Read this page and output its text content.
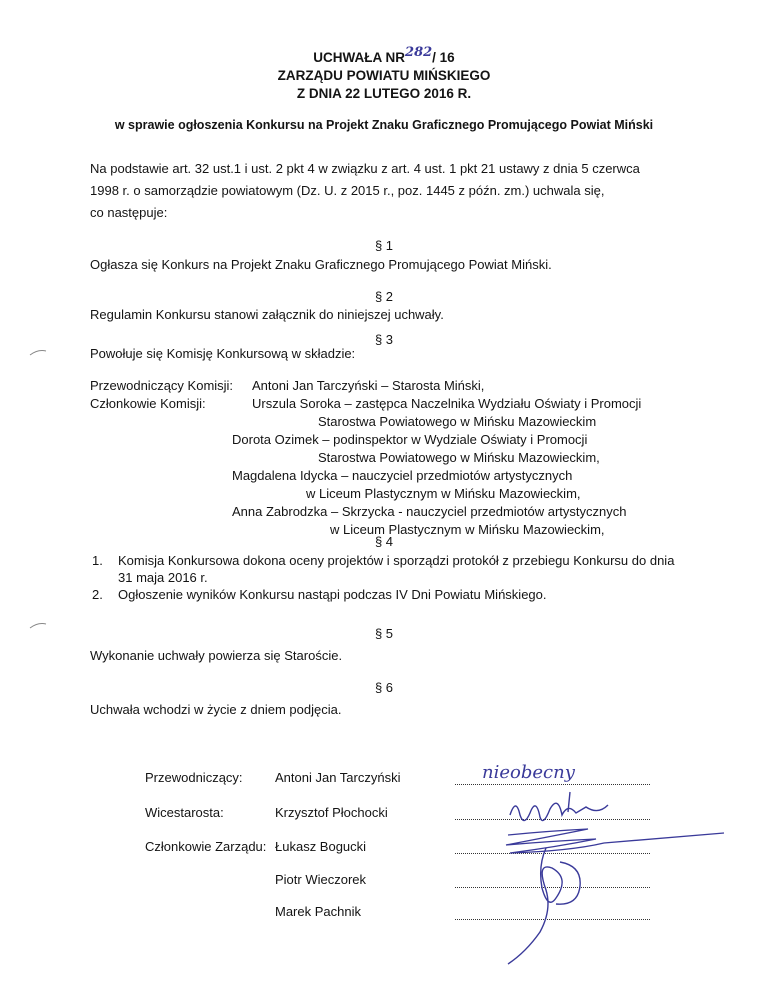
UCHWAŁA NR282/ 16
ZARZĄDU POWIATU MIŃSKIEGO
Z DNIA 22 LUTEGO 2016 R.
w sprawie ogłoszenia Konkursu na Projekt Znaku Graficznego Promującego Powiat Miński
Na podstawie art. 32 ust.1 i ust. 2 pkt 4 w związku z art. 4 ust. 1 pkt 21 ustawy z dnia 5 czerwca
1998 r. o samorządzie powiatowym (Dz. U. z 2015 r., poz. 1445 z późn. zm.) uchwala się,
co następuje:
§ 1
Ogłasza się Konkurs na Projekt Znaku Graficznego Promującego Powiat Miński.
§ 2
Regulamin Konkursu stanowi załącznik do niniejszej uchwały.
§ 3
Powołuje się Komisję Konkursową w składzie:
Przewodniczący Komisji: Antoni Jan Tarczyński – Starosta Miński,
Członkowie Komisji:	Urszula Soroka – zastępca Naczelnika Wydziału Oświaty i Promocji
Starostwa Powiatowego w Mińsku Mazowieckim
Dorota Ozimek – podinspektor w Wydziale Oświaty i Promocji
Starostwa Powiatowego w Mińsku Mazowieckim,
Magdalena Idycka – nauczyciel przedmiotów artystycznych
w Liceum Plastycznym w Mińsku Mazowieckim,
Anna Zabrodzka – Skrzycka - nauczyciel przedmiotów artystycznych
w Liceum Plastycznym w Mińsku Mazowieckim,
§ 4
1. Komisja Konkursowa dokona oceny projektów i sporządzi protokół z przebiegu Konkursu do dnia
31 maja 2016 r.
2. Ogłoszenie wyników Konkursu nastąpi podczas IV Dni Powiatu Mińskiego.
§ 5
Wykonanie uchwały powierza się Staroście.
§ 6
Uchwała wchodzi w życie z dniem podjęcia.
Przewodniczący: Antoni Jan Tarczyński	nieobecny
Wicestarosta:	Krzysztof Płochocki
Członkowie Zarządu: Łukasz Bogucki
Piotr Wieczorek
Marek Pachnik
